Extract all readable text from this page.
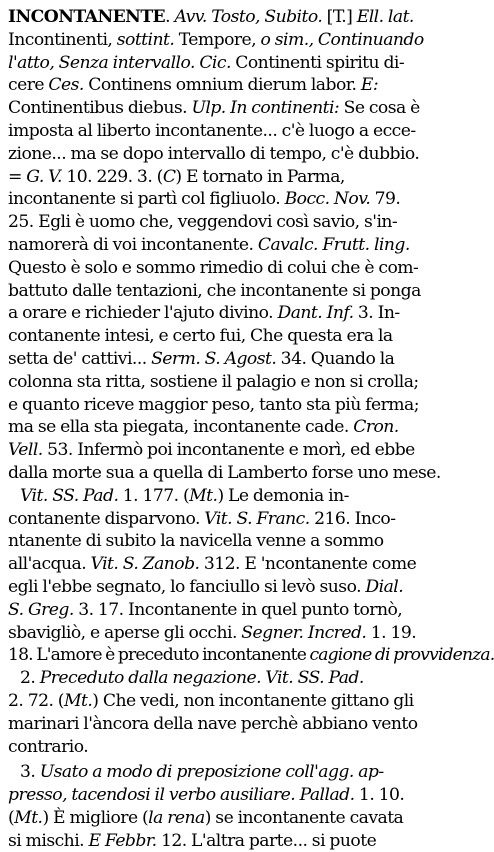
INCONTANENTE. Avv. Tosto, Subito. [T.] Ell. lat.
Incontinenti, sottint. Tempore, o sim., Continuando
l'atto, Senza intervallo. Cic. Continenti spiritu di-
cere Ces. Continens omnium dierum labor. E:
Continentibus diebus. Ulp. In continenti: Se cosa è
imposta al liberto incontanente... c'è luogo a ecce-
zione... ma se dopo intervallo di tempo, c'è dubbio.
= G. V. 10. 229. 3. (C) E tornato in Parma,
incontanente si partì col figliuolo. Bocc. Nov. 79.
25. Egli è uomo che, veggendovi così savio, s'in-
namorerà di voi incontanente. Cavalc. Frutt. ling.
Questo è solo e sommo rimedio di colui che è com-
battuto dalle tentazioni, che incontanente si ponga
a orare e richieder l'ajuto divino. Dant. Inf. 3. In-
contanente intesi, e certo fui, Che questa era la
setta de' cattivi... Serm. S. Agost. 34. Quando la
colonna sta ritta, sostiene il palagio e non si crolla;
e quanto riceve maggior peso, tanto sta più ferma;
ma se ella sta piegata, incontanente cade. Cron.
Vell. 53. Infermò poi incontanente e morì, ed ebbe
dalla morte sua a quella di Lamberto forse uno mese.
Vit. SS. Pad. 1. 177. (Mt.) Le demonia in-
contanente disparvono. Vit. S. Franc. 216. Inco-
ntanente di subito la navicella venne a sommo
all'acqua. Vit. S. Zanob. 312. E 'ncontanente come
egli l'ebbe segnato, lo fanciullo si levò suso. Dial.
S. Greg. 3. 17. Incontanente in quel punto tornò,
sbavigliò, e aperse gli occhi. Segner. Incred. 1. 19.
18. L'amore è preceduto incontanente cagione di provvidenza.
2. Preceduto dalla negazione. Vit. SS. Pad.
2. 72. (Mt.) Che vedi, non incontanente gittano gli
marinari l'àncora della nave perchè abbiano vento
contrario.
3. Usato a modo di preposizione coll'agg. ap-
presso, tacendosi il verbo ausiliare. Pallad. 1. 10.
(Mt.) È migliore (la rena) se incontanente cavata
si mischi. E Febbr. 12. L'altra parte... si puote
